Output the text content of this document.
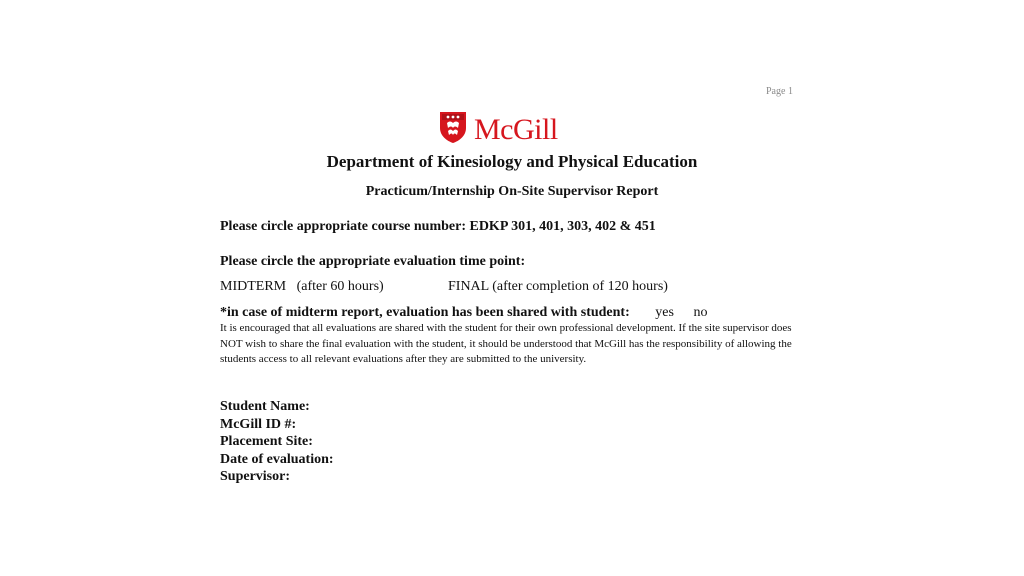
Page 1
McGill
Department of Kinesiology and Physical Education
Practicum/Internship On-Site Supervisor Report
Please circle appropriate course number: EDKP 301, 401, 303, 402 & 451
Please circle the appropriate evaluation time point:
MIDTERM   (after 60 hours)	FINAL (after completion of 120 hours)
*in case of midterm report, evaluation has been shared with student: yes no
It is encouraged that all evaluations are shared with the student for their own professional development. If the site supervisor does NOT wish to share the final evaluation with the student, it should be understood that McGill has the responsibility of allowing the students access to all relevant evaluations after they are submitted to the university.

Student Name:

McGill ID #:

Placement Site:

Date of evaluation:

Supervisor:
